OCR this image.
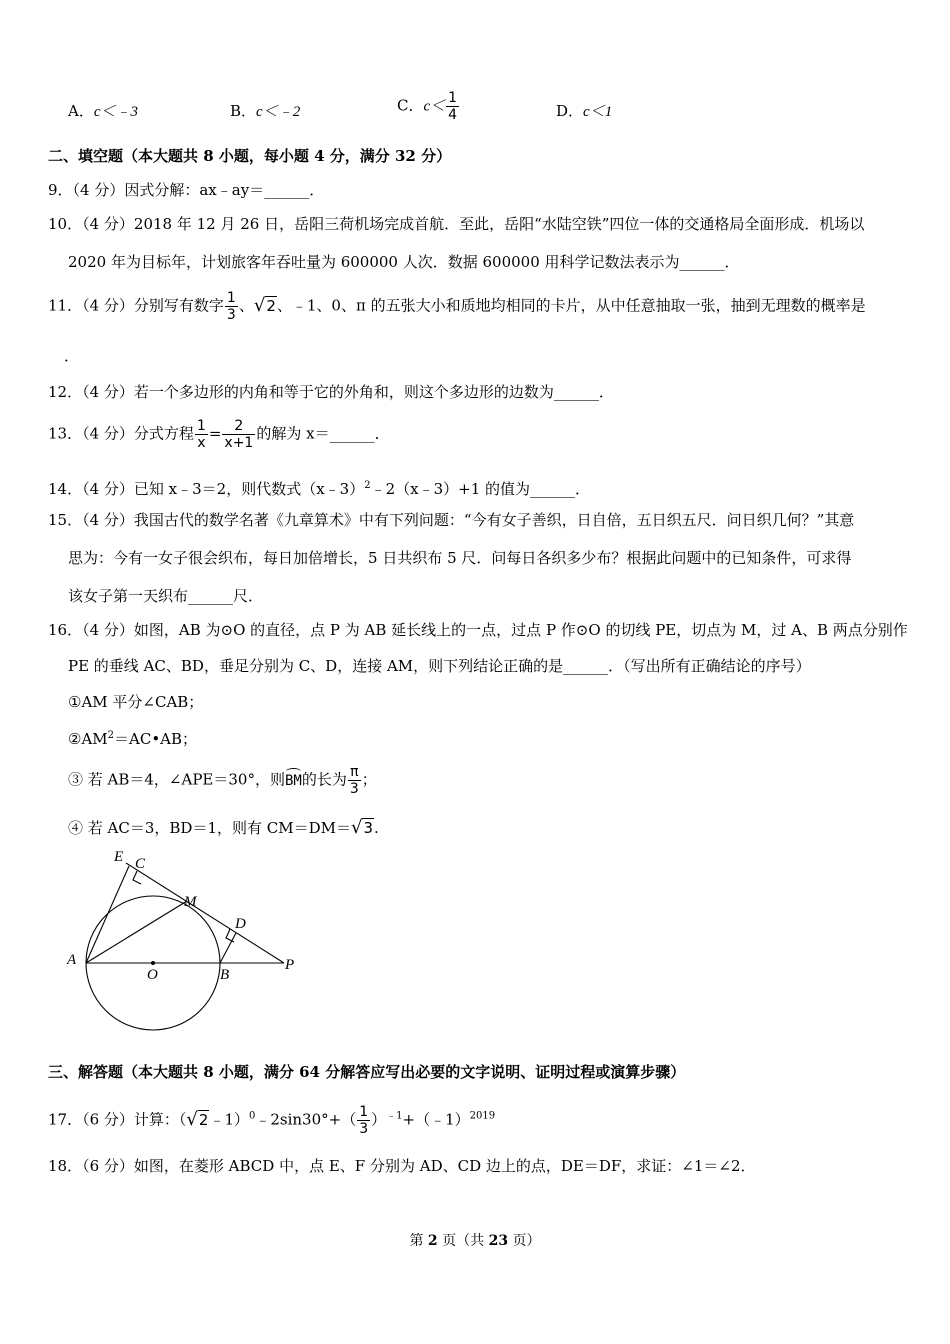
A．c＜﹣3	B．c＜﹣2	C．$c< \frac{1}{4}$	D．c＜1
二、填空题（本大题共 8 小题，每小题 4 分，满分 32 分）
9．（4 分）因式分解：ax﹣ay＝______．
10．（4 分）2018 年 12 月 26 日，岳阳三荷机场完成首航．至此，岳阳“水陆空铁”四位一体的交通格局全面形成．机场以
2020 年为目标年，计划旅客年吞吐量为 600000 人次．数据 600000 用科学记数法表示为______．
11．（4 分）分别写有数字 $\frac{1}{3}$ 、√2、﹣1、0、π 的五张大小和质地均相同的卡片，从中任意抽取一张，抽到无理数的概率是
．
12．（4 分）若一个多边形的内角和等于它的外角和，则这个多边形的边数为______．
13．（4 分）分式方程 $\frac{1}{x} = \frac{2}{x+1}$ 的解为 x＝______．
14．（4 分）已知 x﹣3＝2，则代数式（x﹣3）$^2$﹣2（x﹣3）+1 的值为______．
15．（4 分）我国古代的数学名著《九章算术》中有下列问题：“今有女子善织，日自倍，五日织五尺．问日织几何？”其意
思为：今有一女子很会织布，每日加倍增长，5 日共织布 5 尺．问每日各织多少布？根据此问题中的已知条件，可求得
该女子第一天织布______尺．
16．（4 分）如图，AB 为⊙O 的直径，点 P 为 AB 延长线上的一点，过点 P 作⊙O 的切线 PE，切点为 M，过 A、B 两点分别作
PE 的垂线 AC、BD，垂足分别为 C、D，连接 AM，则下列结论正确的是______．（写出所有正确结论的序号）
①AM 平分∠CAB；
$②AM^2=AC•AB$；
③ 若 AB＝4，∠APE＝30°，则BM的长为 $\frac{\pi}{3}$ ；
④ 若 AC＝3，BD＝1，则有 CM＝DM＝√3.
E C
M
D
A
O	B
P
三、解答题（本大题共 8 小题，满分 64 分解答应写出必要的文字说明、证明过程或演算步骤）
17．（6 分）计算：（√2﹣1）$^0$﹣2sin30°+（ $\frac{1}{3}$ ）$^{﹣1}$+（﹣1）$^{2019}$
18．（6 分）如图，在菱形 ABCD 中，点 E、F 分别为 AD、CD 边上的点，DE＝DF，求证：∠1＝∠2．
第 2 页（共 23 页）
